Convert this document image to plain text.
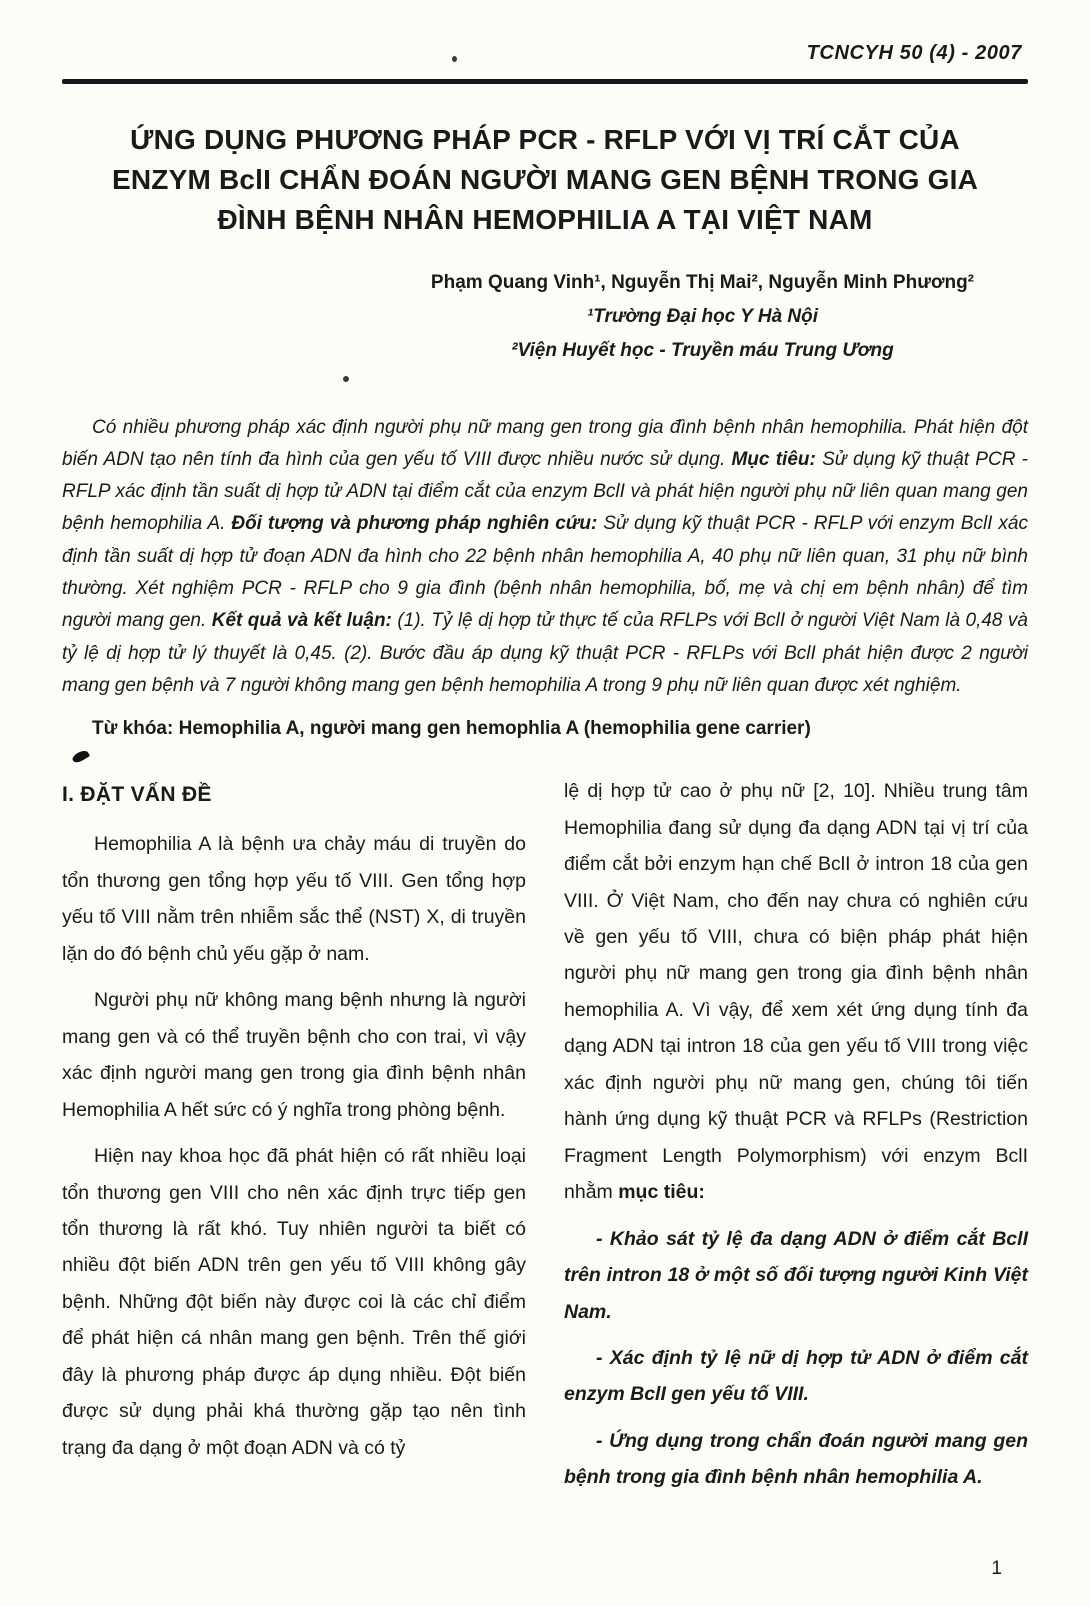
TCNCYH 50 (4) - 2007
ỨNG DỤNG PHƯƠNG PHÁP PCR - RFLP VỚI VỊ TRÍ CẮT CỦA
ENZYM BclI CHẨN ĐOÁN NGƯỜI MANG GEN BỆNH TRONG GIA
ĐÌNH BỆNH NHÂN HEMOPHILIA A TẠI VIỆT NAM
Phạm Quang Vinh¹, Nguyễn Thị Mai², Nguyễn Minh Phương²
¹Trường Đại học Y Hà Nội
²Viện Huyết học - Truyền máu Trung Ương

Có nhiều phương pháp xác định người phụ nữ mang gen trong gia đình bệnh nhân hemophilia. Phát hiện đột biến ADN tạo nên tính đa hình của gen yếu tố VIII được nhiều nước sử dụng. Mục tiêu: Sử dụng kỹ thuật PCR - RFLP xác định tần suất dị hợp tử ADN tại điểm cắt của enzym BclI và phát hiện người phụ nữ liên quan mang gen bệnh hemophilia A. Đối tượng và phương pháp nghiên cứu: Sử dụng kỹ thuật PCR - RFLP với enzym BclI xác định tần suất dị hợp tử đoạn ADN đa hình cho 22 bệnh nhân hemophilia A, 40 phụ nữ liên quan, 31 phụ nữ bình thường. Xét nghiệm PCR - RFLP cho 9 gia đình (bệnh nhân hemophilia, bố, mẹ và chị em bệnh nhân) để tìm người mang gen. Kết quả và kết luận: (1). Tỷ lệ dị hợp tử thực tế của RFLPs với BclI ở người Việt Nam là 0,48 và tỷ lệ dị hợp tử lý thuyết là 0,45. (2). Bước đầu áp dụng kỹ thuật PCR - RFLPs với BclI phát hiện được 2 người mang gen bệnh và 7 người không mang gen bệnh hemophilia A trong 9 phụ nữ liên quan được xét nghiệm.

Từ khóa: Hemophilia A, người mang gen hemophlia A (hemophilia gene carrier)

I. ĐẶT VẤN ĐỀ

Hemophilia A là bệnh ưa chảy máu di truyền do tổn thương gen tổng hợp yếu tố VIII. Gen tổng hợp yếu tố VIII nằm trên nhiễm sắc thể (NST) X, di truyền lặn do đó bệnh chủ yếu gặp ở nam.

Người phụ nữ không mang bệnh nhưng là người mang gen và có thể truyền bệnh cho con trai, vì vậy xác định người mang gen trong gia đình bệnh nhân Hemophilia A hết sức có ý nghĩa trong phòng bệnh.

Hiện nay khoa học đã phát hiện có rất nhiều loại tổn thương gen VIII cho nên xác định trực tiếp gen tổn thương là rất khó. Tuy nhiên người ta biết có nhiều đột biến ADN trên gen yếu tố VIII không gây bệnh. Những đột biến này được coi là các chỉ điểm để phát hiện cá nhân mang gen bệnh. Trên thế giới đây là phương pháp được áp dụng nhiều. Đột biến được sử dụng phải khá thường gặp tạo nên tình trạng đa dạng ở một đoạn ADN và có tỷ

lệ dị hợp tử cao ở phụ nữ [2, 10]. Nhiều trung tâm Hemophilia đang sử dụng đa dạng ADN tại vị trí của điểm cắt bởi enzym hạn chế BclI ở intron 18 của gen VIII. Ở Việt Nam, cho đến nay chưa có nghiên cứu về gen yếu tố VIII, chưa có biện pháp phát hiện người phụ nữ mang gen trong gia đình bệnh nhân hemophilia A. Vì vậy, để xem xét ứng dụng tính đa dạng ADN tại intron 18 của gen yếu tố VIII trong việc xác định người phụ nữ mang gen, chúng tôi tiến hành ứng dụng kỹ thuật PCR và RFLPs (Restriction Fragment Length Polymorphism) với enzym BclI nhằm mục tiêu:

- Khảo sát tỷ lệ đa dạng ADN ở điểm cắt BclI trên intron 18 ở một số đối tượng người Kinh Việt Nam.

- Xác định tỷ lệ nữ dị hợp tử ADN ở điểm cắt enzym BclI gen yếu tố VIII.

- Ứng dụng trong chẩn đoán người mang gen bệnh trong gia đình bệnh nhân hemophilia A.

1
